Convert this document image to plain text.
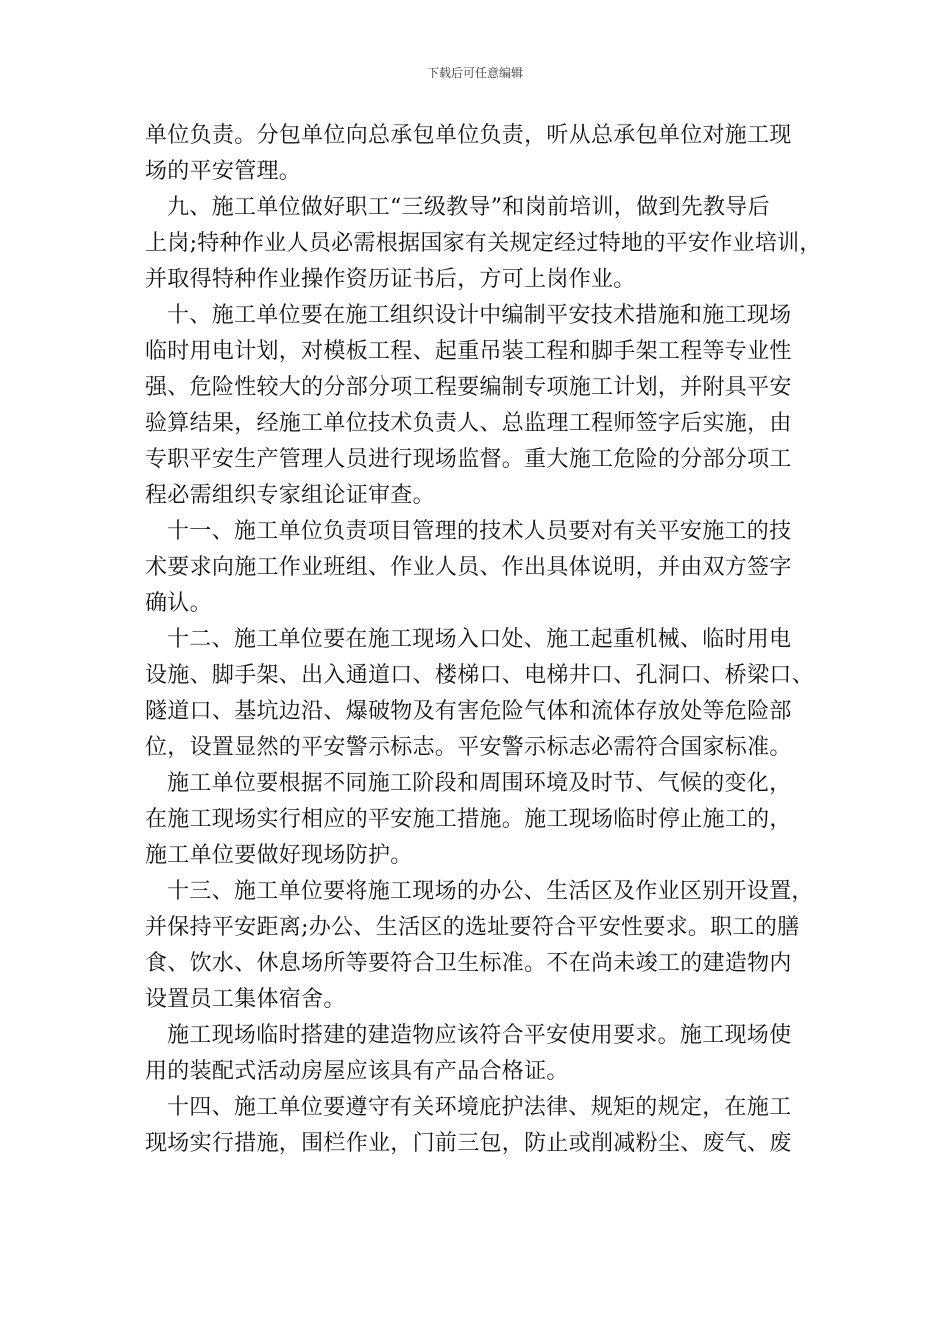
下载后可任意编辑
单位负责。分包单位向总承包单位负责，听从总承包单位对施工现
场的平安管理。
九、施工单位做好职工“三级教导”和岗前培训，做到先教导后
上岗;特种作业人员必需根据国家有关规定经过特地的平安作业培训，
并取得特种作业操作资历证书后，方可上岗作业。
十、施工单位要在施工组织设计中编制平安技术措施和施工现场
临时用电计划，对模板工程、起重吊装工程和脚手架工程等专业性
强、危险性较大的分部分项工程要编制专项施工计划，并附具平安
验算结果，经施工单位技术负责人、总监理工程师签字后实施，由
专职平安生产管理人员进行现场监督。重大施工危险的分部分项工
程必需组织专家组论证审查。
十一、施工单位负责项目管理的技术人员要对有关平安施工的技
术要求向施工作业班组、作业人员、作出具体说明，并由双方签字
确认。
十二、施工单位要在施工现场入口处、施工起重机械、临时用电
设施、脚手架、出入通道口、楼梯口、电梯井口、孔洞口、桥梁口、
隧道口、基坑边沿、爆破物及有害危险气体和流体存放处等危险部
位，设置显然的平安警示标志。平安警示标志必需符合国家标准。
施工单位要根据不同施工阶段和周围环境及时节、气候的变化，
在施工现场实行相应的平安施工措施。施工现场临时停止施工的，
施工单位要做好现场防护。
十三、施工单位要将施工现场的办公、生活区及作业区别开设置，
并保持平安距离;办公、生活区的选址要符合平安性要求。职工的膳
食、饮水、休息场所等要符合卫生标准。不在尚未竣工的建造物内
设置员工集体宿舍。
施工现场临时搭建的建造物应该符合平安使用要求。施工现场使
用的装配式活动房屋应该具有产品合格证。
十四、施工单位要遵守有关环境庇护法律、规矩的规定，在施工
现场实行措施，围栏作业，门前三包，防止或削减粉尘、废气、废
